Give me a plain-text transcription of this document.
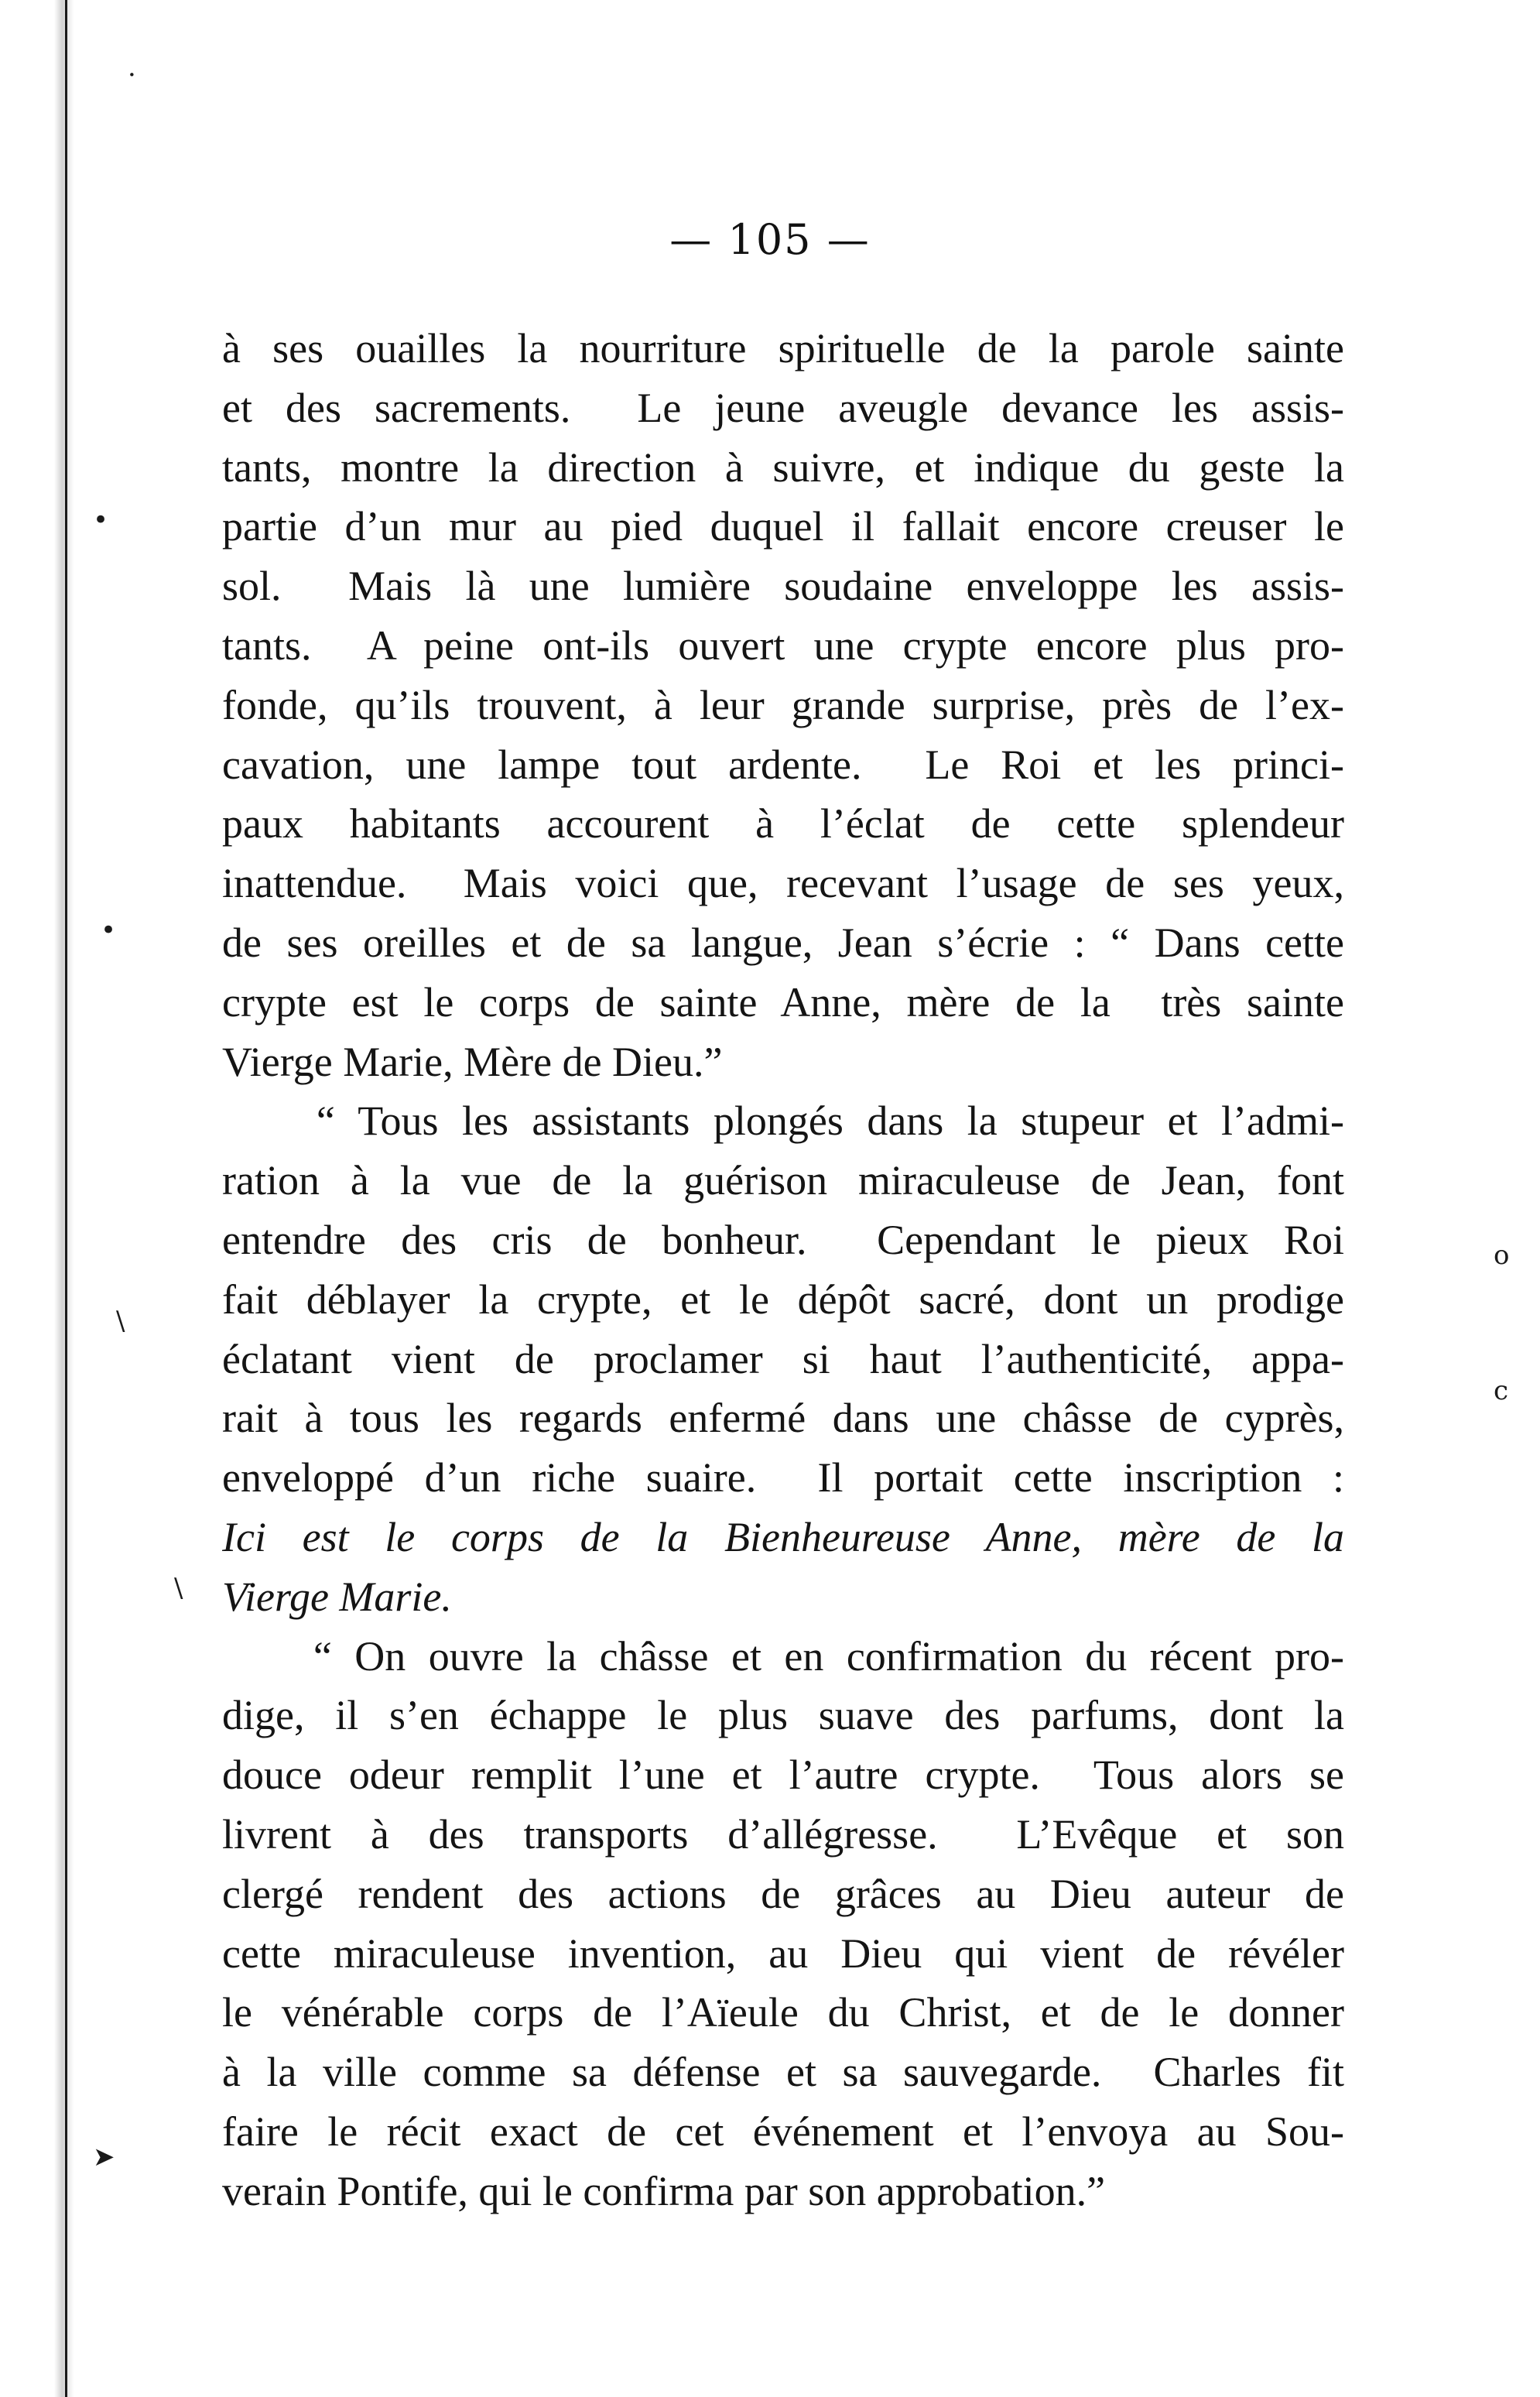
·
•
•
\
o
c
\
➤
— 105 —
à ses ouailles la nourriture spirituelle de la parole sainte
et des sacrements.  Le jeune aveugle devance les assis-
tants, montre la direction à suivre, et indique du geste la
partie d’un mur au pied duquel il fallait encore creuser le
sol.  Mais là une lumière soudaine enveloppe les assis-
tants.  A peine ont-ils ouvert une crypte encore plus pro-
fonde, qu’ils trouvent, à leur grande surprise, près de l’ex-
cavation, une lampe tout ardente.  Le Roi et les princi-
paux  habitants  accourent  à  l’éclat  de  cette  splendeur
inattendue.  Mais voici que, recevant l’usage de ses yeux,
de ses oreilles et de sa langue, Jean s’écrie : “ Dans cette
crypte est le corps de sainte Anne, mère de la  très sainte
Vierge Marie, Mère de Dieu.”
“ Tous les assistants plongés dans la stupeur et l’admi-
ration à la vue de la guérison miraculeuse de Jean, font
entendre des cris de bonheur.  Cependant le pieux Roi
fait déblayer la crypte, et le dépôt sacré, dont un prodige
éclatant vient de proclamer si haut l’authenticité, appa-
rait à tous les regards enfermé dans une châsse de cyprès,
enveloppé d’un riche suaire.  Il portait cette inscription :
Ici est le corps de la Bienheureuse Anne, mère de la
Vierge Marie.
“ On ouvre la châsse et en confirmation du récent pro-
dige, il s’en échappe le plus suave des parfums, dont la
douce odeur remplit l’une et l’autre crypte.  Tous alors se
livrent à des transports d’allégresse.  L’Evêque et son
clergé rendent des actions de grâces au Dieu auteur de
cette miraculeuse invention, au Dieu qui vient de révéler
le vénérable corps de l’Aïeule du Christ, et de le donner
à la ville comme sa défense et sa sauvegarde.  Charles fit
faire le récit exact de cet événement et l’envoya au Sou-
verain Pontife, qui le confirma par son approbation.”
